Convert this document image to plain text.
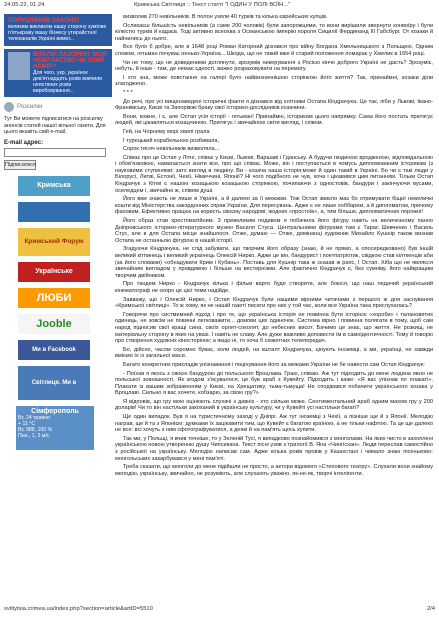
24.05.22, 01:24	Кримська Світлиця :: Текст статті "І ОДИН У ПОЛІ ВОЇН..."
ПОРУШНИКІВ ЗАКОНУ!
великим викликом нашу сторону зумілве п'ятькражу вашу бізнесу утирайстної телеканалів Україні вимог...
ВІТАЛІЙ ЛАЗОРКІН: МОЯ НЕВІГЛАСТВО ЧИ ЗЛИЙ НАМІР?
Для чого, укр, українок дев'ятнадцять років вивчили непєтяних років виробовування...
Розсилки
Тут Ви можете підписатися на розсилку анонсів статей нашої вільної газети. Для цього вкажіть свій e-mail.
E-mail адрес:
Підписатися
Кримська
Кримський Форум
Українське
ЛЮБИ
Jooble
Ми в Facebook
Світлиця. Ми в
Сімферополь
Вт, 24 травня
+ 11 °С
Вт, 988, 100 %
Пнн., 1, 3 м/с

визволив 270 невільників. В полон узяли 40 турків та кілька єврейських купців.

Осликаєш більшість невільників (а саме 200 чоловік) були запорожцями, то вони вирішили звернути конвоїру і були кілкістю турків й кадаєв. Тоді активно всеохва з Османською імперію короля Сицилії Фердинанд III Габсбург. От козаки й найнились до нього.

Все було б добре, але в 1648 році Роман Каторний дізнався про війну Богдана Хмельницького з Польщею. Одним словом, гетьман почуває ненько-Україна... Шкода, що не такий вже й старий положення ломарає у Хмелик в 1654 році.

Чи не тому, що не доведеними доглянути, зрозумів никерування з Росією кінчо доброго Україні не дасть? Зрозуміє, небуть, й інше - там, де немає єдності, важко розраховувати на перемогу.

І хто зна, може повстання на галері було найвизначнішою сторінкою його життя? Так, принаймні, козаки діли злагоджено.

* * *

До речі, про усі вищенаведені історичні факти я дізнався від хлітники Остапа Кіндрачука. Це так, ліби у Львові, Івано-Франківську, Києві та Запоріжжі браку свої історико-дослідників козачини.

Вони, кожне, і є, але Остап усія історії - гетьман! Принаймні, історикам цього напрямку. Сама його постать притягує людей, які цікавляться козацчиною. Притягує і звичайною світи вигляд, і співом.

Гей, на Чорному морі хвилі грала

І турецький корабельною розбивала,

Сорок тисяч невільників визволяла...

Співає про це Остап у Літні, співає у Києві, Львові, Варшаві і Гданську. А будучи людиною вродженою, відповідальною і обов'язковою, намагається знати все, про що співає. Може, він і поступається в чомусь дипломованим історикам (з науковими ступенями; затх вигляд в людину. Ви - козача наша історія;може й один такий в Україні. Бо чи є такі люди у Білорусі, Литві, Естонії, Чехії, Німеччині, Японії? Ні чого подібного не чув, хоча і цікавився цим питанням. Тільки Остап Кіндрачук з Кітмі є нашою козацькою козацькою сторінкою, почипаючи з одностовів, бандури і закінчуючи вусами, оселедцем і, звичайно ж, співом душі.

Його вже знають не лише в Україні, а й далеко за її межами. Тож Остап звикло має бо отримувати біщиї невеличкі кошти від Міністерства закордонних справ України. Для пересувань. Адже є не лише хоббарем, а й дипломатом, причому фаховим. Ефективно працює на користь своєму народові; жодних «простоїв», а, тим більше, дипломатичних порожні!

Його образ став хрестоматійним. З превеликим подивом я побачила його фігуру навіть на величезному панно Дніпровського історико-літературного музею Василя Стуса. Центральними фігурами там є Тарас Шевченко і Василь Стус, але в для Остапа місце знайшлося. Отже, думаю — Отже, домінанці художник Михайло Кушнір також визнав Остапа не останньою фігурою в нашій історії.

Згадуючи Кіндрачука, не слід забувати, що творчим його образу (знаю, й не прямо, а опосередковано) був іншій великий кітпинець і великий українець Олексій Нирко. Адже це він, бандурист і поетпатріотик, свідкою став кілткенців аби (за його словами) «обнадувати Крим і Кубань». Поставь для Кушнір така ж сказав ж рапс, І Остап. Хіба що не являєся звичайним вигладом у правдивою і більше на вестернізми. Але фактично Кіндрачук є, без сумніву, його найкращим творчим двійником.

Про тандем Нирко - Кіндрачук кілька і фільм варто буде створити, але боюся, що наш ледачий український кінематограф не скоро це цієї теми надійде.

Завважу, що і Олексій Нирко, і Остап Кіндрачук були нашими вірними читачами з першого ж дня заснування «Кримської світлиці». То ж хому, як не нашій газеті писати про них у той час, коли все Україна така прислухалась?

Говорячи про систмемний підхід і про те, що українська історія не повинна бути історією «хороби» і талановитих одиниць, не зовсім не повинні легковажити... домови цих одиночок. Система вірно і повинна полягати в тому, щоб сам народ підносив свої кращі сина, своїх орлят-соколят, до небесних висот. Бачимо це знає, що життя. Не розкищ, не матеріальну сторону в яких на увазі. І навіть не славу. Але дуже важливо доповести їм в самоідентичності. Тому й говорю про створення художніх кіносторінок; а якщо ні, то хоча б сюжетних телепередач.

Бо, дійсно, часом соромно буває, коли людей, на кшталт Кіндрачука, цінують іноземці, а ми, українці, не завжди вміємо їх із загальної маси.

Багато конкретних прикладів унізнавання і поцінування його за межами України не бе навести сам Остап Кіндрачук:

- Поїхав я якось з своєю бандурою до польського Вроцлава. Граю, співаю. Аж тут підходить до мене людина явно не польської зовнішності. Як згодом з'ясувалося, це був араб з Кувейту. Підходить і каже: «Я вас упізнав по плакаті». Плакати із вашим зображенням у Києві, на Хрещатику, тьма-тьмуща! Не сподівався побачити українського козака у Вроцлаві. Сильно я вас хочете, кобзарю, за свою гру?»

Я відповів, що гру мою оцінюють слухачі з давніх - хто скільки може. Сентиментальний араб одним махом гру у 200 доларів! Чи то він настільки закоханий в українську культуру, чи у Кувейті усі настільки багаті?

Ще один випадок. Був я на туристичному заході у Дніпрі. Аж тут іноземці з Чехії, а пізніше ще й з Японії. Мелодію награв, ще й та з Японією: думками їх зацікавити тим, що Кувейт є багатою країною, а не тільки нафтою. Та це ще далеко не все: всі хочуть з ним сфотографуватися, а деякі й на пам'ять щось купити.

Так ми, у Польщі, я вчив точніше, то у Зеленій Тусі, я випадково познайомився з монголами. На яких чисто в захоплені українською новою утворенню душу Чипсикана. Текст пісні узяв з трилогії В. Яна «Чингісхан». Люди переслав самостійно з російської на українську. Мелодію написав сам. Адже кілька років провів у Казахстані і чимало знаю пісеньково-монгольських закарбувався у мені пам'яті.

Треба сказати, що монголи до мене підійшли не просто, а актори відомого «Степового театру». Слухали вони знайому мелодію, українську, звичайно, не розуміють, але слухають уважно, як-не-як, творчі інтелігенти.

svitlytsia.crimea.ua/index.php?section=article&artID=5510	2/4
